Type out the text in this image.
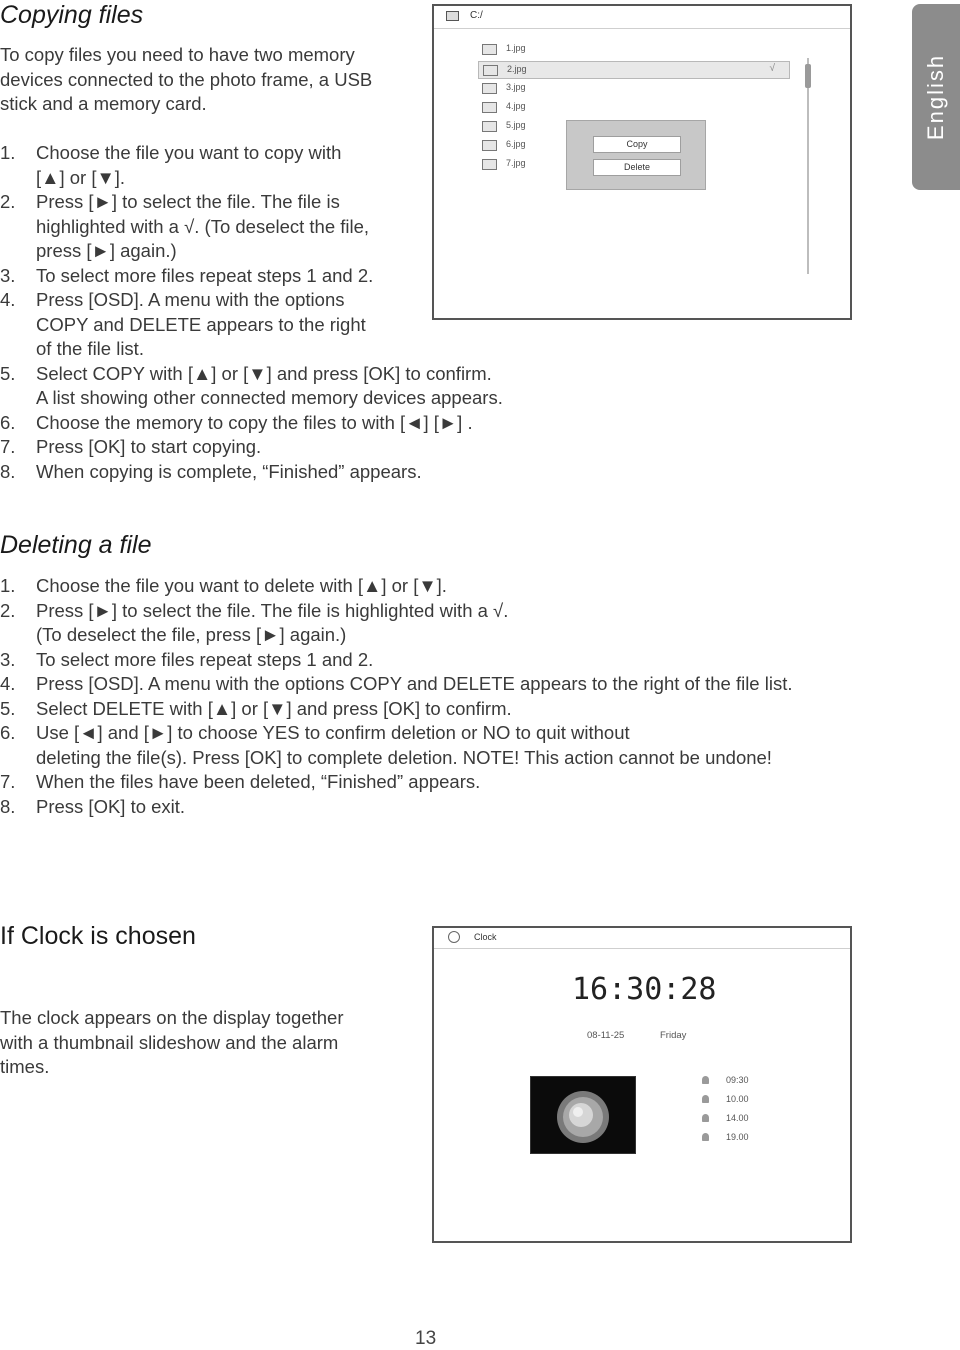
English
Copying files
To copy files you need to have two memory devices connected to the photo frame, a USB stick and a memory card.
1. Choose the file you want to copy with
[▲] or [▼].
2. Press [►] to select the file. The file is
highlighted with a √. (To deselect the file,
press [►] again.)
3. To select more files repeat steps 1 and 2.
4. Press [OSD]. A menu with the options
COPY and DELETE appears to the right
of the file list.
5. Select COPY with [▲] or [▼] and press [OK] to confirm.
A list showing other connected memory devices appears.
6. Choose the memory to copy the files to with [◄] [►] .
7. Press [OK] to start copying.
8. When copying is complete, “Finished” appears.
C:/
1.jpg
2.jpg	√
3.jpg
4.jpg
5.jpg
6.jpg
7.jpg
Copy
Delete
Deleting a file
1. Choose the file you want to delete with [▲] or [▼].
2. Press [►] to select the file. The file is highlighted with a √.
(To deselect the file, press [►] again.)
3. To select more files repeat steps 1 and 2.
4. Press [OSD]. A menu with the options COPY and DELETE appears to the right of the file list.
5. Select DELETE with [▲] or [▼] and press [OK] to confirm.
6. Use [◄] and [►] to choose YES to confirm deletion or NO to quit without
deleting the file(s). Press [OK] to complete deletion. NOTE! This action cannot be undone!
7. When the files have been deleted, “Finished” appears.
8. Press [OK] to exit.
If Clock is chosen
The clock appears on the display together with a thumbnail slideshow and the alarm times.
Clock
16:30:28
08-11-25	Friday
09:30
10.00
14.00
19.00
13
